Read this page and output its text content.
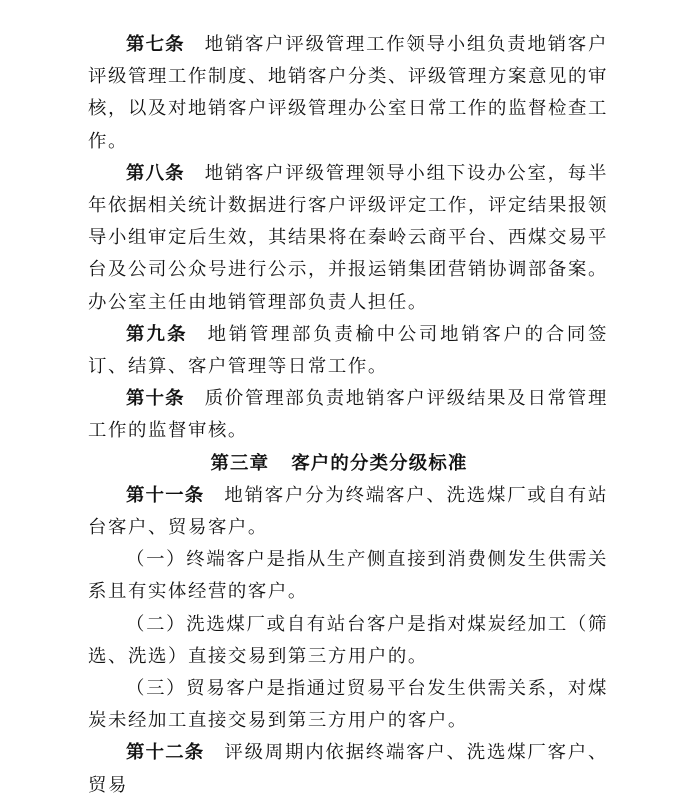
第七条 地销客户评级管理工作领导小组负责地销客户评级管理工作制度、地销客户分类、评级管理方案意见的审核，以及对地销客户评级管理办公室日常工作的监督检查工作。

第八条 地销客户评级管理领导小组下设办公室，每半年依据相关统计数据进行客户评级评定工作，评定结果报领导小组审定后生效，其结果将在秦岭云商平台、西煤交易平台及公司公众号进行公示，并报运销集团营销协调部备案。办公室主任由地销管理部负责人担任。

第九条 地销管理部负责榆中公司地销客户的合同签订、结算、客户管理等日常工作。

第十条 质价管理部负责地销客户评级结果及日常管理工作的监督审核。

第三章 客户的分类分级标准

第十一条 地销客户分为终端客户、洗选煤厂或自有站台客户、贸易客户。

（一）终端客户是指从生产侧直接到消费侧发生供需关系且有实体经营的客户。

（二）洗选煤厂或自有站台客户是指对煤炭经加工（筛选、洗选）直接交易到第三方用户的。

（三）贸易客户是指通过贸易平台发生供需关系，对煤炭未经加工直接交易到第三方用户的客户。

第十二条 评级周期内依据终端客户、洗选煤厂客户、贸易
